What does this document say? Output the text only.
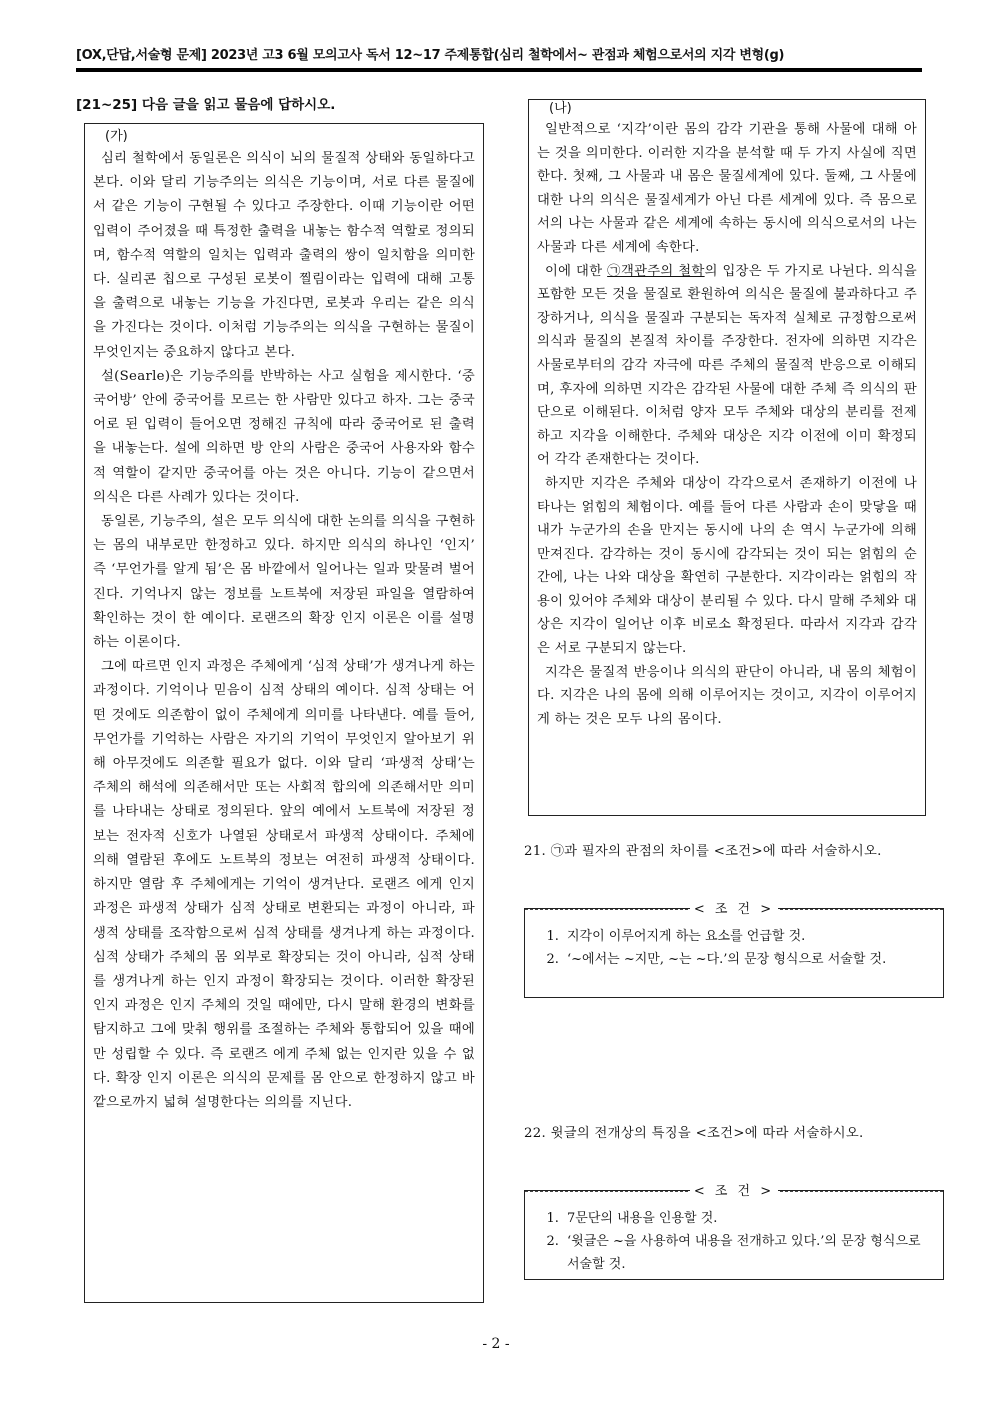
[OX,단답,서술형 문제] 2023년 고3 6월 모의고사 독서 12~17 주제통합(심리 철학에서~ 관점과 체험으로서의 지각 변형(g)
[21~25] 다음 글을 읽고 물음에 답하시오.
(가)

심리 철학에서 동일론은 의식이 뇌의 물질적 상태와 동일하다고 본다. 이와 달리 기능주의는 의식은 기능이며, 서로 다른 물질에서 같은 기능이 구현될 수 있다고 주장한다. 이때 기능이란 어떤 입력이 주어졌을 때 특정한 출력을 내놓는 함수적 역할로 정의되며, 함수적 역할의 일치는 입력과 출력의 쌍이 일치함을 의미한다. 실리콘 칩으로 구성된 로봇이 찔림이라는 입력에 대해 고통을 출력으로 내놓는 기능을 가진다면, 로봇과 우리는 같은 의식을 가진다는 것이다. 이처럼 기능주의는 의식을 구현하는 물질이 무엇인지는 중요하지 않다고 본다.

설(Searle)은 기능주의를 반박하는 사고 실험을 제시한다. ‘중국어방’ 안에 중국어를 모르는 한 사람만 있다고 하자. 그는 중국어로 된 입력이 들어오면 정해진 규칙에 따라 중국어로 된 출력을 내놓는다. 설에 의하면 방 안의 사람은 중국어 사용자와 함수적 역할이 같지만 중국어를 아는 것은 아니다. 기능이 같으면서 의식은 다른 사례가 있다는 것이다.

동일론, 기능주의, 설은 모두 의식에 대한 논의를 의식을 구현하는 몸의 내부로만 한정하고 있다. 하지만 의식의 하나인 ‘인지’ 즉 ‘무언가를 알게 됨’은 몸 바깥에서 일어나는 일과 맞물려 벌어진다. 기억나지 않는 정보를 노트북에 저장된 파일을 열람하여 확인하는 것이 한 예이다. 로랜즈의 확장 인지 이론은 이를 설명하는 이론이다.

그에 따르면 인지 과정은 주체에게 ‘심적 상태’가 생겨나게 하는 과정이다. 기억이나 믿음이 심적 상태의 예이다. 심적 상태는 어떤 것에도 의존함이 없이 주체에게 의미를 나타낸다. 예를 들어, 무언가를 기억하는 사람은 자기의 기억이 무엇인지 알아보기 위해 아무것에도 의존할 필요가 없다. 이와 달리 ‘파생적 상태’는 주체의 해석에 의존해서만 또는 사회적 합의에 의존해서만 의미를 나타내는 상태로 정의된다. 앞의 예에서 노트북에 저장된 정보는 전자적 신호가 나열된 상태로서 파생적 상태이다. 주체에 의해 열람된 후에도 노트북의 정보는 여전히 파생적 상태이다. 하지만 열람 후 주체에게는 기억이 생겨난다. 로랜즈 에게 인지 과정은 파생적 상태가 심적 상태로 변환되는 과정이 아니라, 파생적 상태를 조작함으로써 심적 상태를 생겨나게 하는 과정이다. 심적 상태가 주체의 몸 외부로 확장되는 것이 아니라, 심적 상태를 생겨나게 하는 인지 과정이 확장되는 것이다. 이러한 확장된 인지 과정은 인지 주체의 것일 때에만, 다시 말해 환경의 변화를 탐지하고 그에 맞춰 행위를 조절하는 주체와 통합되어 있을 때에만 성립할 수 있다. 즉 로랜즈 에게 주체 없는 인지란 있을 수 없다. 확장 인지 이론은 의식의 문제를 몸 안으로 한정하지 않고 바깥으로까지 넓혀 설명한다는 의의를 지닌다.

(나)

일반적으로 ‘지각’이란 몸의 감각 기관을 통해 사물에 대해 아는 것을 의미한다. 이러한 지각을 분석할 때 두 가지 사실에 직면한다. 첫째, 그 사물과 내 몸은 물질세계에 있다. 둘째, 그 사물에 대한 나의 의식은 물질세계가 아닌 다른 세계에 있다. 즉 몸으로서의 나는 사물과 같은 세계에 속하는 동시에 의식으로서의 나는 사물과 다른 세계에 속한다.

이에 대한 ㉠객관주의 철학의 입장은 두 가지로 나뉜다. 의식을 포함한 모든 것을 물질로 환원하여 의식은 물질에 불과하다고 주장하거나, 의식을 물질과 구분되는 독자적 실체로 규정함으로써 의식과 물질의 본질적 차이를 주장한다. 전자에 의하면 지각은 사물로부터의 감각 자극에 따른 주체의 물질적 반응으로 이해되며, 후자에 의하면 지각은 감각된 사물에 대한 주체 즉 의식의 판단으로 이해된다. 이처럼 양자 모두 주체와 대상의 분리를 전제하고 지각을 이해한다. 주체와 대상은 지각 이전에 이미 확정되어 각각 존재한다는 것이다.

하지만 지각은 주체와 대상이 각각으로서 존재하기 이전에 나타나는 얽힘의 체험이다. 예를 들어 다른 사람과 손이 맞닿을 때 내가 누군가의 손을 만지는 동시에 나의 손 역시 누군가에 의해 만져진다. 감각하는 것이 동시에 감각되는 것이 되는 얽힘의 순간에, 나는 나와 대상을 확연히 구분한다. 지각이라는 얽힘의 작용이 있어야 주체와 대상이 분리될 수 있다. 다시 말해 주체와 대상은 지각이 일어난 이후 비로소 확정된다. 따라서 지각과 감각은 서로 구분되지 않는다.

지각은 물질적 반응이나 의식의 판단이 아니라, 내 몸의 체험이다. 지각은 나의 몸에 의해 이루어지는 것이고, 지각이 이루어지게 하는 것은 모두 나의 몸이다.

21. ㉠과 필자의 관점의 차이를 <조건>에 따라 서술하시오.

< 조 건 >
1. 지각이 이루어지게 하는 요소를 언급할 것.
2. ‘~에서는 ~지만, ~는 ~다.’의 문장 형식으로 서술할 것.

22. 윗글의 전개상의 특징을 <조건>에 따라 서술하시오.

< 조 건 >
1. 7문단의 내용을 인용할 것.
2. ‘윗글은 ~을 사용하여 내용을 전개하고 있다.’의 문장 형식으로 서술할 것.
- 2 -
